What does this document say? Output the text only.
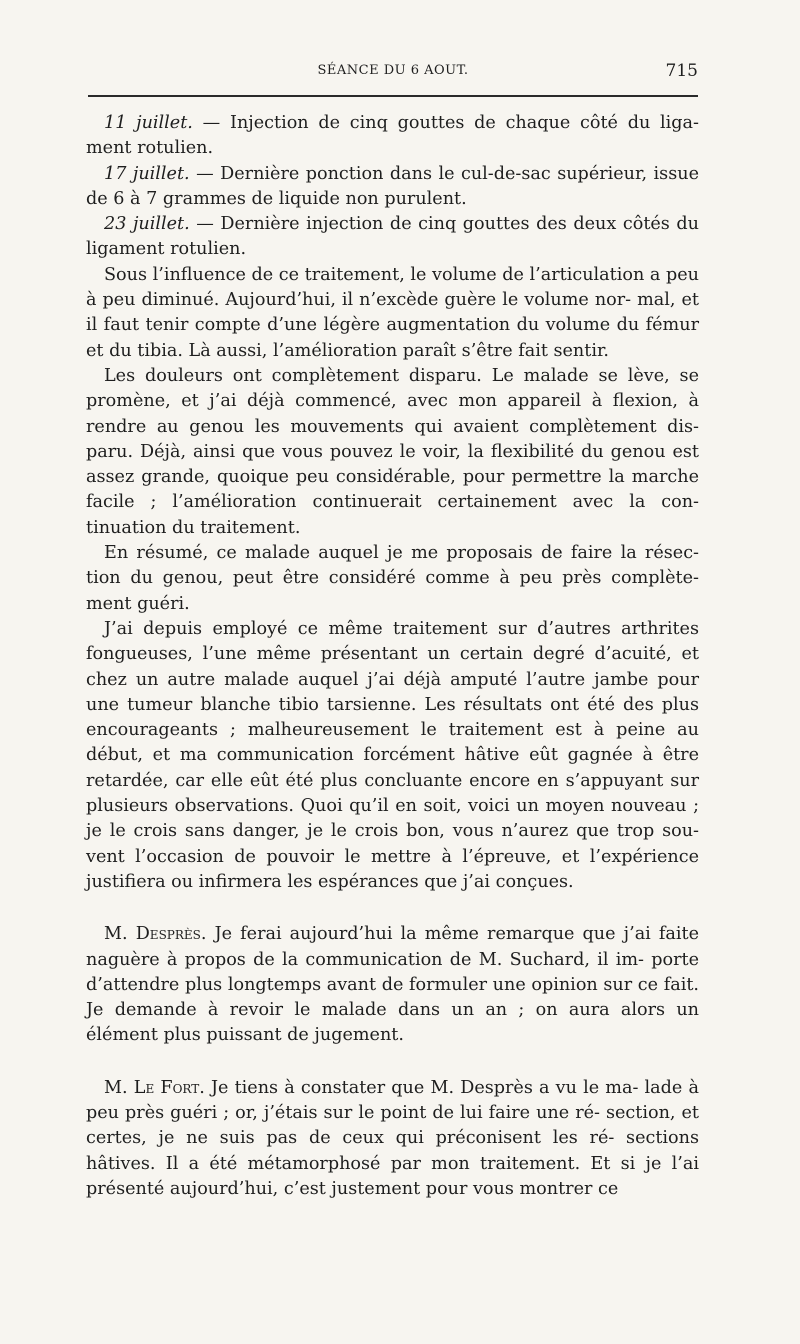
SÉANCE DU 6 AOUT.	715

11 juillet. — Injection de cinq gouttes de chaque côté du liga- ment rotulien.

17 juillet. — Dernière ponction dans le cul-de-sac supérieur, issue de 6 à 7 grammes de liquide non purulent.

23 juillet. — Dernière injection de cinq gouttes des deux côtés du ligament rotulien.

Sous l’influence de ce traitement, le volume de l’articulation a peu à peu diminué. Aujourd’hui, il n’excède guère le volume nor- mal, et il faut tenir compte d’une légère augmentation du volume du fémur et du tibia. Là aussi, l’amélioration paraît s’être fait sentir.

Les douleurs ont complètement disparu. Le malade se lève, se promène, et j’ai déjà commencé, avec mon appareil à flexion, à rendre au genou les mouvements qui avaient complètement dis- paru. Déjà, ainsi que vous pouvez le voir, la flexibilité du genou est assez grande, quoique peu considérable, pour permettre la marche facile ; l’amélioration continuerait certainement avec la con- tinuation du traitement.

En résumé, ce malade auquel je me proposais de faire la résec- tion du genou, peut être considéré comme à peu près complète- ment guéri.

J’ai depuis employé ce même traitement sur d’autres arthrites fongueuses, l’une même présentant un certain degré d’acuité, et chez un autre malade auquel j’ai déjà amputé l’autre jambe pour une tumeur blanche tibio tarsienne. Les résultats ont été des plus encourageants ; malheureusement le traitement est à peine au début, et ma communication forcément hâtive eût gagnée à être retardée, car elle eût été plus concluante encore en s’appuyant sur plusieurs observations. Quoi qu’il en soit, voici un moyen nouveau ; je le crois sans danger, je le crois bon, vous n’aurez que trop sou- vent l’occasion de pouvoir le mettre à l’épreuve, et l’expérience justifiera ou infirmera les espérances que j’ai conçues.

M. Desprès. Je ferai aujourd’hui la même remarque que j’ai faite naguère à propos de la communication de M. Suchard, il im- porte d’attendre plus longtemps avant de formuler une opinion sur ce fait. Je demande à revoir le malade dans un an ; on aura alors un élément plus puissant de jugement.

M. Le Fort. Je tiens à constater que M. Desprès a vu le ma- lade à peu près guéri ; or, j’étais sur le point de lui faire une ré- section, et certes, je ne suis pas de ceux qui préconisent les ré- sections hâtives. Il a été métamorphosé par mon traitement. Et si je l’ai présenté aujourd’hui, c’est justement pour vous montrer ce
